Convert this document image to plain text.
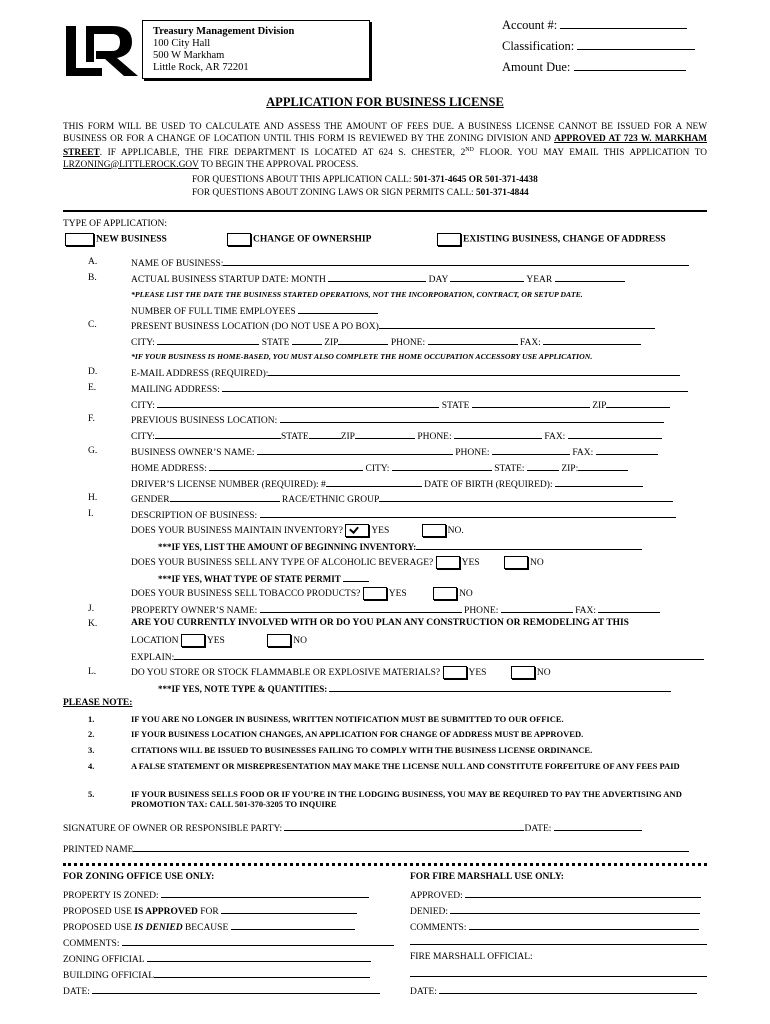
Treasury Management Division
100 City Hall
500 W Markham
Little Rock, AR 72201
Account #:
Classification:
Amount Due:
APPLICATION FOR BUSINESS LICENSE
THIS FORM WILL BE USED TO CALCULATE AND ASSESS THE AMOUNT OF FEES DUE. A BUSINESS LICENSE CANNOT BE ISSUED FOR A NEW BUSINESS OR FOR A CHANGE OF LOCATION UNTIL THIS FORM IS REVIEWED BY THE ZONING DIVISION AND APPROVED AT 723 W. MARKHAM STREET. IF APPLICABLE, THE FIRE DEPARTMENT IS LOCATED AT 624 S. CHESTER, 2ND FLOOR. YOU MAY EMAIL THIS APPLICATION TO LRZONING@LITTLEROCK.GOV TO BEGIN THE APPROVAL PROCESS.
FOR QUESTIONS ABOUT THIS APPLICATION CALL: 501-371-4645 OR 501-371-4438
FOR QUESTIONS ABOUT ZONING LAWS OR SIGN PERMITS CALL: 501-371-4844
TYPE OF APPLICATION:
NEW BUSINESS	CHANGE OF OWNERSHIP	EXISTING BUSINESS, CHANGE OF ADDRESS
A.	NAME OF BUSINESS:
B.	ACTUAL BUSINESS STARTUP DATE: MONTH	DAY	YEAR
*PLEASE LIST THE DATE THE BUSINESS STARTED OPERATIONS, NOT THE INCORPORATION, CONTRACT, OR SETUP DATE.
NUMBER OF FULL TIME EMPLOYEES
C.	PRESENT BUSINESS LOCATION (DO NOT USE A PO BOX)
CITY:	STATE	ZIP	PHONE:	FAX:
*IF YOUR BUSINESS IS HOME-BASED, YOU MUST ALSO COMPLETE THE HOME OCCUPATION ACCESSORY USE APPLICATION.
D.	E-MAIL ADDRESS (REQUIRED):
E.	MAILING ADDRESS:
CITY:	STATE	ZIP
F.	PREVIOUS BUSINESS LOCATION:
CITY:	STATE	ZIP	PHONE:	FAX:
G.	BUSINESS OWNER’S NAME:	PHONE:	FAX:
HOME ADDRESS:	CITY:	STATE:	ZIP:
DRIVER’S LICENSE NUMBER (REQUIRED): #	DATE OF BIRTH (REQUIRED):
H.	GENDER	RACE/ETHNIC GROUP
I.	DESCRIPTION OF BUSINESS:
DOES YOUR BUSINESS MAINTAIN INVENTORY?	YES	NO.
***IF YES, LIST THE AMOUNT OF BEGINNING INVENTORY:
DOES YOUR BUSINESS SELL ANY TYPE OF ALCOHOLIC BEVERAGE?	YES	NO
***IF YES, WHAT TYPE OF STATE PERMIT
DOES YOUR BUSINESS SELL TOBACCO PRODUCTS?	YES	NO
J.	PROPERTY OWNER’S NAME:	PHONE:	FAX:
K.	ARE YOU CURRENTLY INVOLVED WITH OR DO YOU PLAN ANY CONSTRUCTION OR REMODELING AT THIS
LOCATION	YES	NO
EXPLAIN:
L.	DO YOU STORE OR STOCK FLAMMABLE OR EXPLOSIVE MATERIALS?	YES	NO
***IF YES, NOTE TYPE & QUANTITIES:
PLEASE NOTE:
1.	IF YOU ARE NO LONGER IN BUSINESS, WRITTEN NOTIFICATION MUST BE SUBMITTED TO OUR OFFICE.
2.	IF YOUR BUSINESS LOCATION CHANGES, AN APPLICATION FOR CHANGE OF ADDRESS MUST BE APPROVED.
3.	CITATIONS WILL BE ISSUED TO BUSINESSES FAILING TO COMPLY WITH THE BUSINESS LICENSE ORDINANCE.
4.	A FALSE STATEMENT OR MISREPRESENTATION MAY MAKE THE LICENSE NULL AND CONSTITUTE FORFEITURE OF ANY FEES PAID
5.	IF YOUR BUSINESS SELLS FOOD OR IF YOU’RE IN THE LODGING BUSINESS, YOU MAY BE REQUIRED TO PAY THE ADVERTISING AND PROMOTION TAX: CALL 501-370-3205 TO INQUIRE
SIGNATURE OF OWNER OR RESPONSIBLE PARTY:	DATE:
PRINTED NAME
FOR ZONING OFFICE USE ONLY:
PROPERTY IS ZONED:
PROPOSED USE IS APPROVED FOR
PROPOSED USE IS DENIED BECAUSE
COMMENTS:
ZONING OFFICIAL
BUILDING OFFICIAL
DATE:
FOR FIRE MARSHALL USE ONLY:
APPROVED:
DENIED:
COMMENTS:
FIRE MARSHALL OFFICIAL:
DATE:
